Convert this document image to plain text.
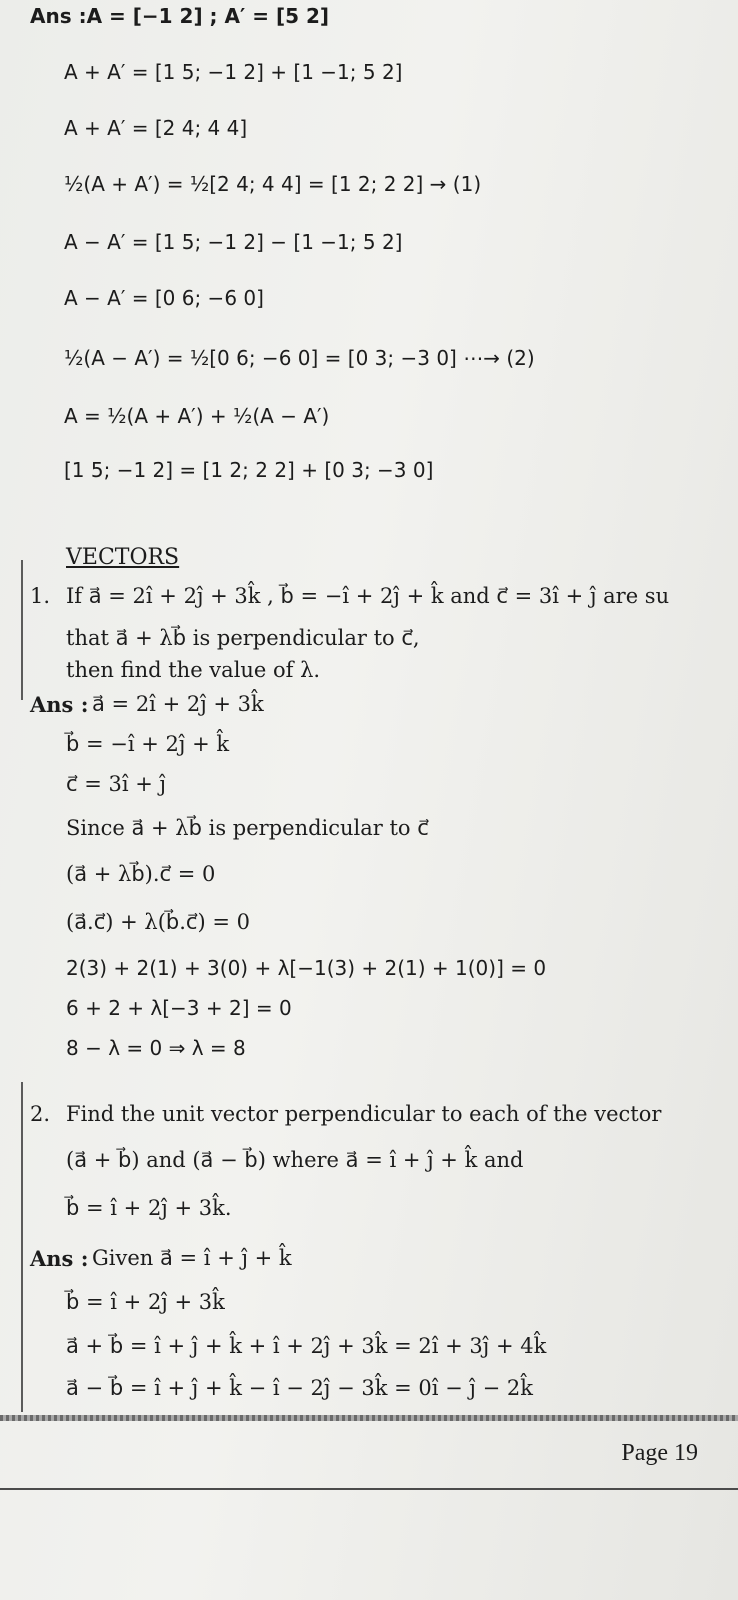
Ans :A = [−1 2] ; A′ = [5 2]
A + A′ = [1 5; −1 2] + [1 −1; 5 2]
A + A′ = [2 4; 4 4]
½(A + A′) = ½[2 4; 4 4] = [1 2; 2 2] → (1)
A − A′ = [1 5; −1 2] − [1 −1; 5 2]
A − A′ = [0 6; −6 0]
½(A − A′) = ½[0 6; −6 0] = [0 3; −3 0] ⋯→ (2)
A = ½(A + A′) + ½(A − A′)
[1 5; −1 2] = [1 2; 2 2] + [0 3; −3 0]
VECTORS
1. If a⃗ = 2î + 2ĵ + 3k̂ , b⃗ = −î + 2ĵ + k̂ and c⃗ = 3î + ĵ are su
that a⃗ + λb⃗ is perpendicular to c⃗,
then find the value of λ.
Ans : a⃗ = 2î + 2ĵ + 3k̂
b⃗ = −î + 2ĵ + k̂
c⃗ = 3î + ĵ
Since a⃗ + λb⃗ is perpendicular to c⃗
(a⃗ + λb⃗).c⃗ = 0
(a⃗.c⃗) + λ(b⃗.c⃗) = 0
2(3) + 2(1) + 3(0) + λ[−1(3) + 2(1) + 1(0)] = 0
6 + 2 + λ[−3 + 2] = 0
8 − λ = 0 ⇒ λ = 8
2. Find the unit vector perpendicular to each of the vector
(a⃗ + b⃗) and (a⃗ − b⃗) where a⃗ = î + ĵ + k̂ and
b⃗ = î + 2ĵ + 3k̂.
Ans : Given a⃗ = î + ĵ + k̂
b⃗ = î + 2ĵ + 3k̂
a⃗ + b⃗ = î + ĵ + k̂ + î + 2ĵ + 3k̂ = 2î + 3ĵ + 4k̂
a⃗ − b⃗ = î + ĵ + k̂ − î − 2ĵ − 3k̂ = 0î − ĵ − 2k̂
Page 19
